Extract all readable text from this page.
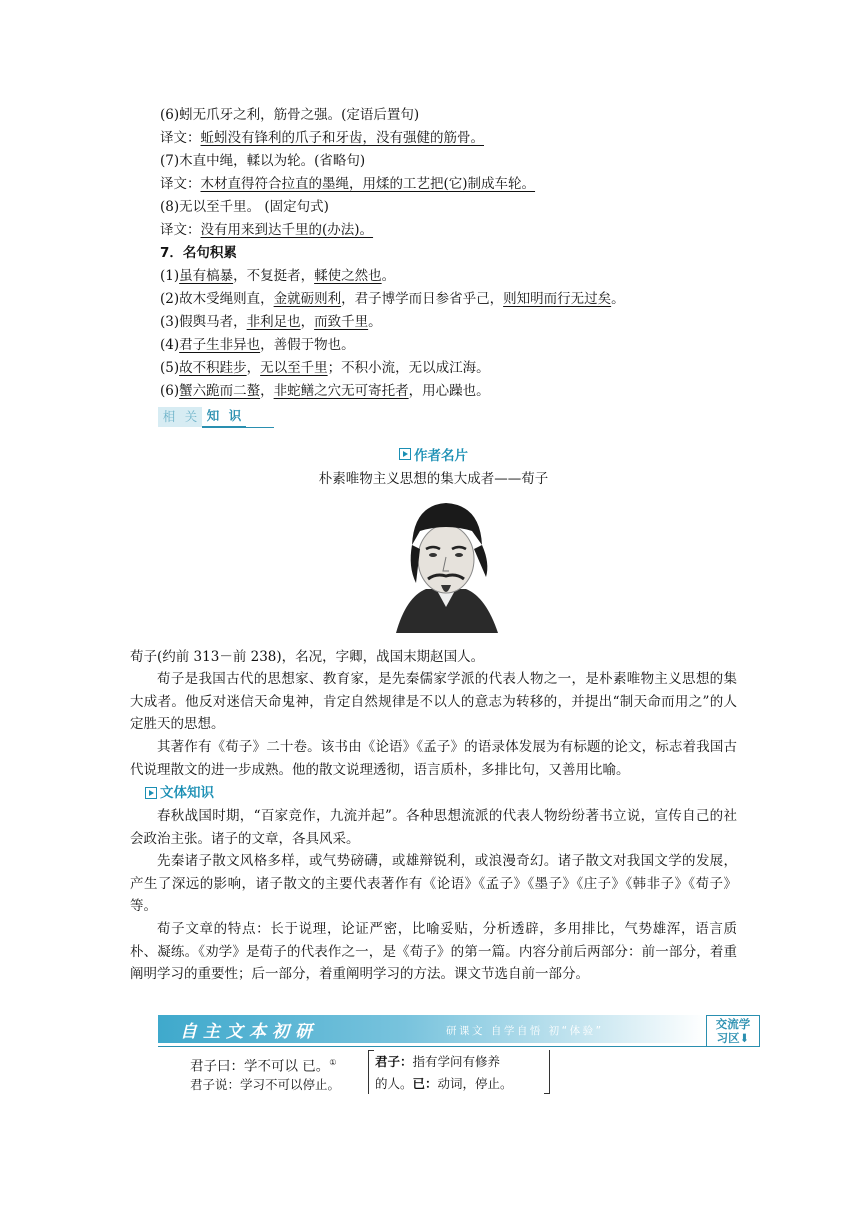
(6)蚓无爪牙之利，筋骨之强。(定语后置句)
译文：蚯蚓没有锋利的爪子和牙齿，没有强健的筋骨。
(7)木直中绳，輮以为轮。(省略句)
译文：木材直得符合拉直的墨绳，用煣的工艺把(它)制成车轮。
(8)无以至千里。 (固定句式)
译文：没有用来到达千里的(办法)。
7．名句积累
(1)虽有槁暴，不复挺者，輮使之然也。
(2)故木受绳则直，金就砺则利，君子博学而日参省乎己，则知明而行无过矣。
(3)假舆马者，非利足也，而致千里。
(4)君子生非异也，善假于物也。
(5)故不积跬步，无以至千里；不积小流，无以成江海。
(6)蟹六跪而二螯，非蛇鳝之穴无可寄托者，用心躁也。
相 关 知 识
作者名片
朴素唯物主义思想的集大成者——荀子
荀子(约前 313－前 238)，名况，字卿，战国末期赵国人。
荀子是我国古代的思想家、教育家，是先秦儒家学派的代表人物之一，是朴素唯物主义思想的集大成者。他反对迷信天命鬼神，肯定自然规律是不以人的意志为转移的，并提出“制天命而用之”的人定胜天的思想。
其著作有《荀子》二十卷。该书由《论语》《孟子》的语录体发展为有标题的论文，标志着我国古代说理散文的进一步成熟。他的散文说理透彻，语言质朴，多排比句，又善用比喻。
文体知识
春秋战国时期，“百家竞作，九流并起”。各种思想流派的代表人物纷纷著书立说，宣传自己的社会政治主张。诸子的文章，各具风采。
先秦诸子散文风格多样，或气势磅礴，或雄辩锐利，或浪漫奇幻。诸子散文对我国文学的发展，产生了深远的影响，诸子散文的主要代表著作有《论语》《孟子》《墨子》《庄子》《韩非子》《荀子》等。
荀子文章的特点：长于说理，论证严密，比喻妥贴，分析透辟，多用排比，气势雄浑，语言质朴、凝练。《劝学》是荀子的代表作之一，是《荀子》的第一篇。内容分前后两部分：前一部分，着重阐明学习的重要性；后一部分，着重阐明学习的方法。课文节选自前一部分。
自主文本初研	研课文 自学自悟 初“体验”	交流学
习区⬇
君子曰：学不可以 已。①
君子说：学习不可以停止。
君子：指有学问有修养
的人。已：动词，停止。
